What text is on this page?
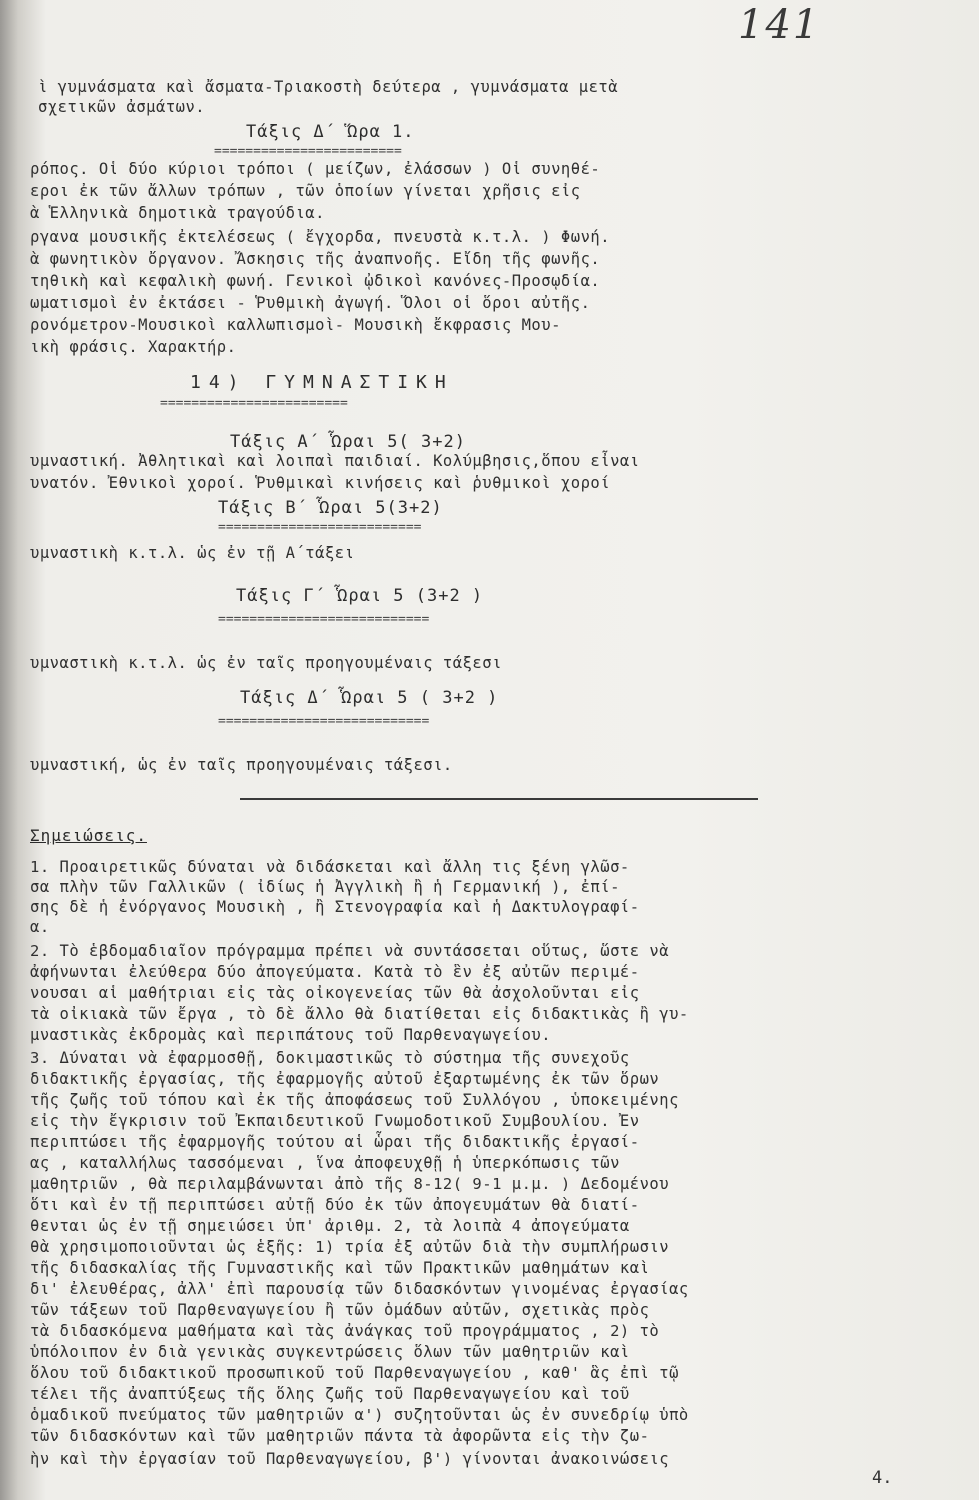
141
ὶ γυμνάσματα καὶ ἄσματα-Τριακοστὴ δεύτερα , γυμνάσματα μετὰ
σχετικῶν ἀσμάτων.
Τάξις Δ΄ Ὥρα 1.
========================
ρόπος. Οἱ δύο κύριοι τρόποι ( μείζων, ἐλάσσων ) Οἱ συνηθέ-
εροι ἐκ τῶν ἄλλων τρόπων , τῶν ὁποίων γίνεται χρῆσις εἰς
ὰ Ἑλληνικὰ δημοτικὰ τραγούδια.
ργανα μουσικῆς ἐκτελέσεως ( ἔγχορδα, πνευστὰ κ.τ.λ. ) Φωνή.
ὰ φωνητικὸν ὄργανον. Ἄσκησις τῆς ἀναπνοῆς. Εἴδη τῆς φωνῆς.
τηθικὴ καὶ κεφαλικὴ φωνή. Γενικοὶ ᾠδικοὶ κανόνες-Προσῳδία.
ωματισμοὶ ἐν ἐκτάσει - Ῥυθμικὴ ἀγωγή. Ὅλοι οἱ ὅροι αὐτῆς.
ρονόμετρον-Μουσικοὶ καλλωπισμοὶ- Μουσικὴ ἔκφρασις Μου-
ικὴ φράσις. Χαρακτήρ.
14) ΓΥΜΝΑΣΤΙΚΗ
========================
Τάξις Α΄ Ὧραι 5( 3+2)
υμναστική. Ἀθλητικαὶ καὶ λοιπαὶ παιδιαί. Κολύμβησις,ὅπου εἶναι
υνατόν. Ἐθνικοὶ χοροί. Ῥυθμικαὶ κινήσεις καὶ ῥυθμικοὶ χοροί
Τάξις Β΄ Ὧραι 5(3+2)
==========================
υμναστικὴ κ.τ.λ. ὡς ἐν τῇ Α΄τάξει
Τάξις Γ΄ Ὧραι 5 (3+2 )
===========================
υμναστικὴ κ.τ.λ. ὡς ἐν ταῖς προηγουμέναις τάξεσι
Τάξις Δ΄ Ὧραι 5 ( 3+2 )
===========================
υμναστική, ὡς ἐν ταῖς προηγουμέναις τάξεσι.
Σημειώσεις.
1. Προαιρετικῶς δύναται νὰ διδάσκεται καὶ ἄλλη τις ξένη γλῶσ-
σα πλὴν τῶν Γαλλικῶν ( ἰδίως ἡ Ἀγγλικὴ ἢ ἡ Γερμανική ), ἐπί-
σης δὲ ἡ ἐνόργανος Μουσικὴ , ἢ Στενογραφία καὶ ἡ Δακτυλογραφί-
α.
2. Τὸ ἑβδομαδιαῖον πρόγραμμα πρέπει νὰ συντάσσεται οὕτως, ὥστε νὰ
ἀφήνωνται ἐλεύθερα δύο ἀπογεύματα. Κατὰ τὸ ἓν ἐξ αὐτῶν περιμέ-
νουσαι αἱ μαθήτριαι εἰς τὰς οἰκογενείας τῶν θὰ ἀσχολοῦνται εἰς
τὰ οἰκιακὰ τῶν ἔργα , τὸ δὲ ἄλλο θὰ διατίθεται εἰς διδακτικὰς ἢ γυ-
μναστικὰς ἐκδρομὰς καὶ περιπάτους τοῦ Παρθεναγωγείου.
3. Δύναται νὰ ἐφαρμοσθῇ, δοκιμαστικῶς τὸ σύστημα τῆς συνεχοῦς
διδακτικῆς ἐργασίας, τῆς ἐφαρμογῆς αὐτοῦ ἐξαρτωμένης ἐκ τῶν ὅρων
τῆς ζωῆς τοῦ τόπου καὶ ἐκ τῆς ἀποφάσεως τοῦ Συλλόγου , ὑποκειμένης
εἰς τὴν ἔγκρισιν τοῦ Ἐκπαιδευτικοῦ Γνωμοδοτικοῦ Συμβουλίου. Ἐν
περιπτώσει τῆς ἐφαρμογῆς τούτου αἱ ὧραι τῆς διδακτικῆς ἐργασί-
ας , καταλλήλως τασσόμεναι , ἵνα ἀποφευχθῇ ἡ ὑπερκόπωσις τῶν
μαθητριῶν , θὰ περιλαμβάνωνται ἀπὸ τῆς 8-12( 9-1 μ.μ. ) Δεδομένου
ὅτι καὶ ἐν τῇ περιπτώσει αὐτῇ δύο ἐκ τῶν ἀπογευμάτων θὰ διατί-
θενται ὡς ἐν τῇ σημειώσει ὑπ' ἀριθμ. 2, τὰ λοιπὰ 4 ἀπογεύματα
θὰ χρησιμοποιοῦνται ὡς ἑξῆς: 1) τρία ἐξ αὐτῶν διὰ τὴν συμπλήρωσιν
τῆς διδασκαλίας τῆς Γυμναστικῆς καὶ τῶν Πρακτικῶν μαθημάτων καὶ
δι' ἐλευθέρας, ἀλλ' ἐπὶ παρουσίᾳ τῶν διδασκόντων γινομένας ἐργασίας
τῶν τάξεων τοῦ Παρθεναγωγείου ἢ τῶν ὁμάδων αὐτῶν, σχετικὰς πρὸς
τὰ διδασκόμενα μαθήματα καὶ τὰς ἀνάγκας τοῦ προγράμματος , 2) τὸ
ὑπόλοιπον ἐν διὰ γενικὰς συγκεντρώσεις ὅλων τῶν μαθητριῶν καὶ
ὅλου τοῦ διδακτικοῦ προσωπικοῦ τοῦ Παρθεναγωγείου , καθ' ἃς ἐπὶ τῷ
τέλει τῆς ἀναπτύξεως τῆς ὅλης ζωῆς τοῦ Παρθεναγωγείου καὶ τοῦ
ὁμαδικοῦ πνεύματος τῶν μαθητριῶν α') συζητοῦνται ὡς ἐν συνεδρίῳ ὑπὸ
τῶν διδασκόντων καὶ τῶν μαθητριῶν πάντα τὰ ἀφορῶντα εἰς τὴν ζω-
ὴν καὶ τὴν ἐργασίαν τοῦ Παρθεναγωγείου, β') γίνονται ἀνακοινώσεις
4.
